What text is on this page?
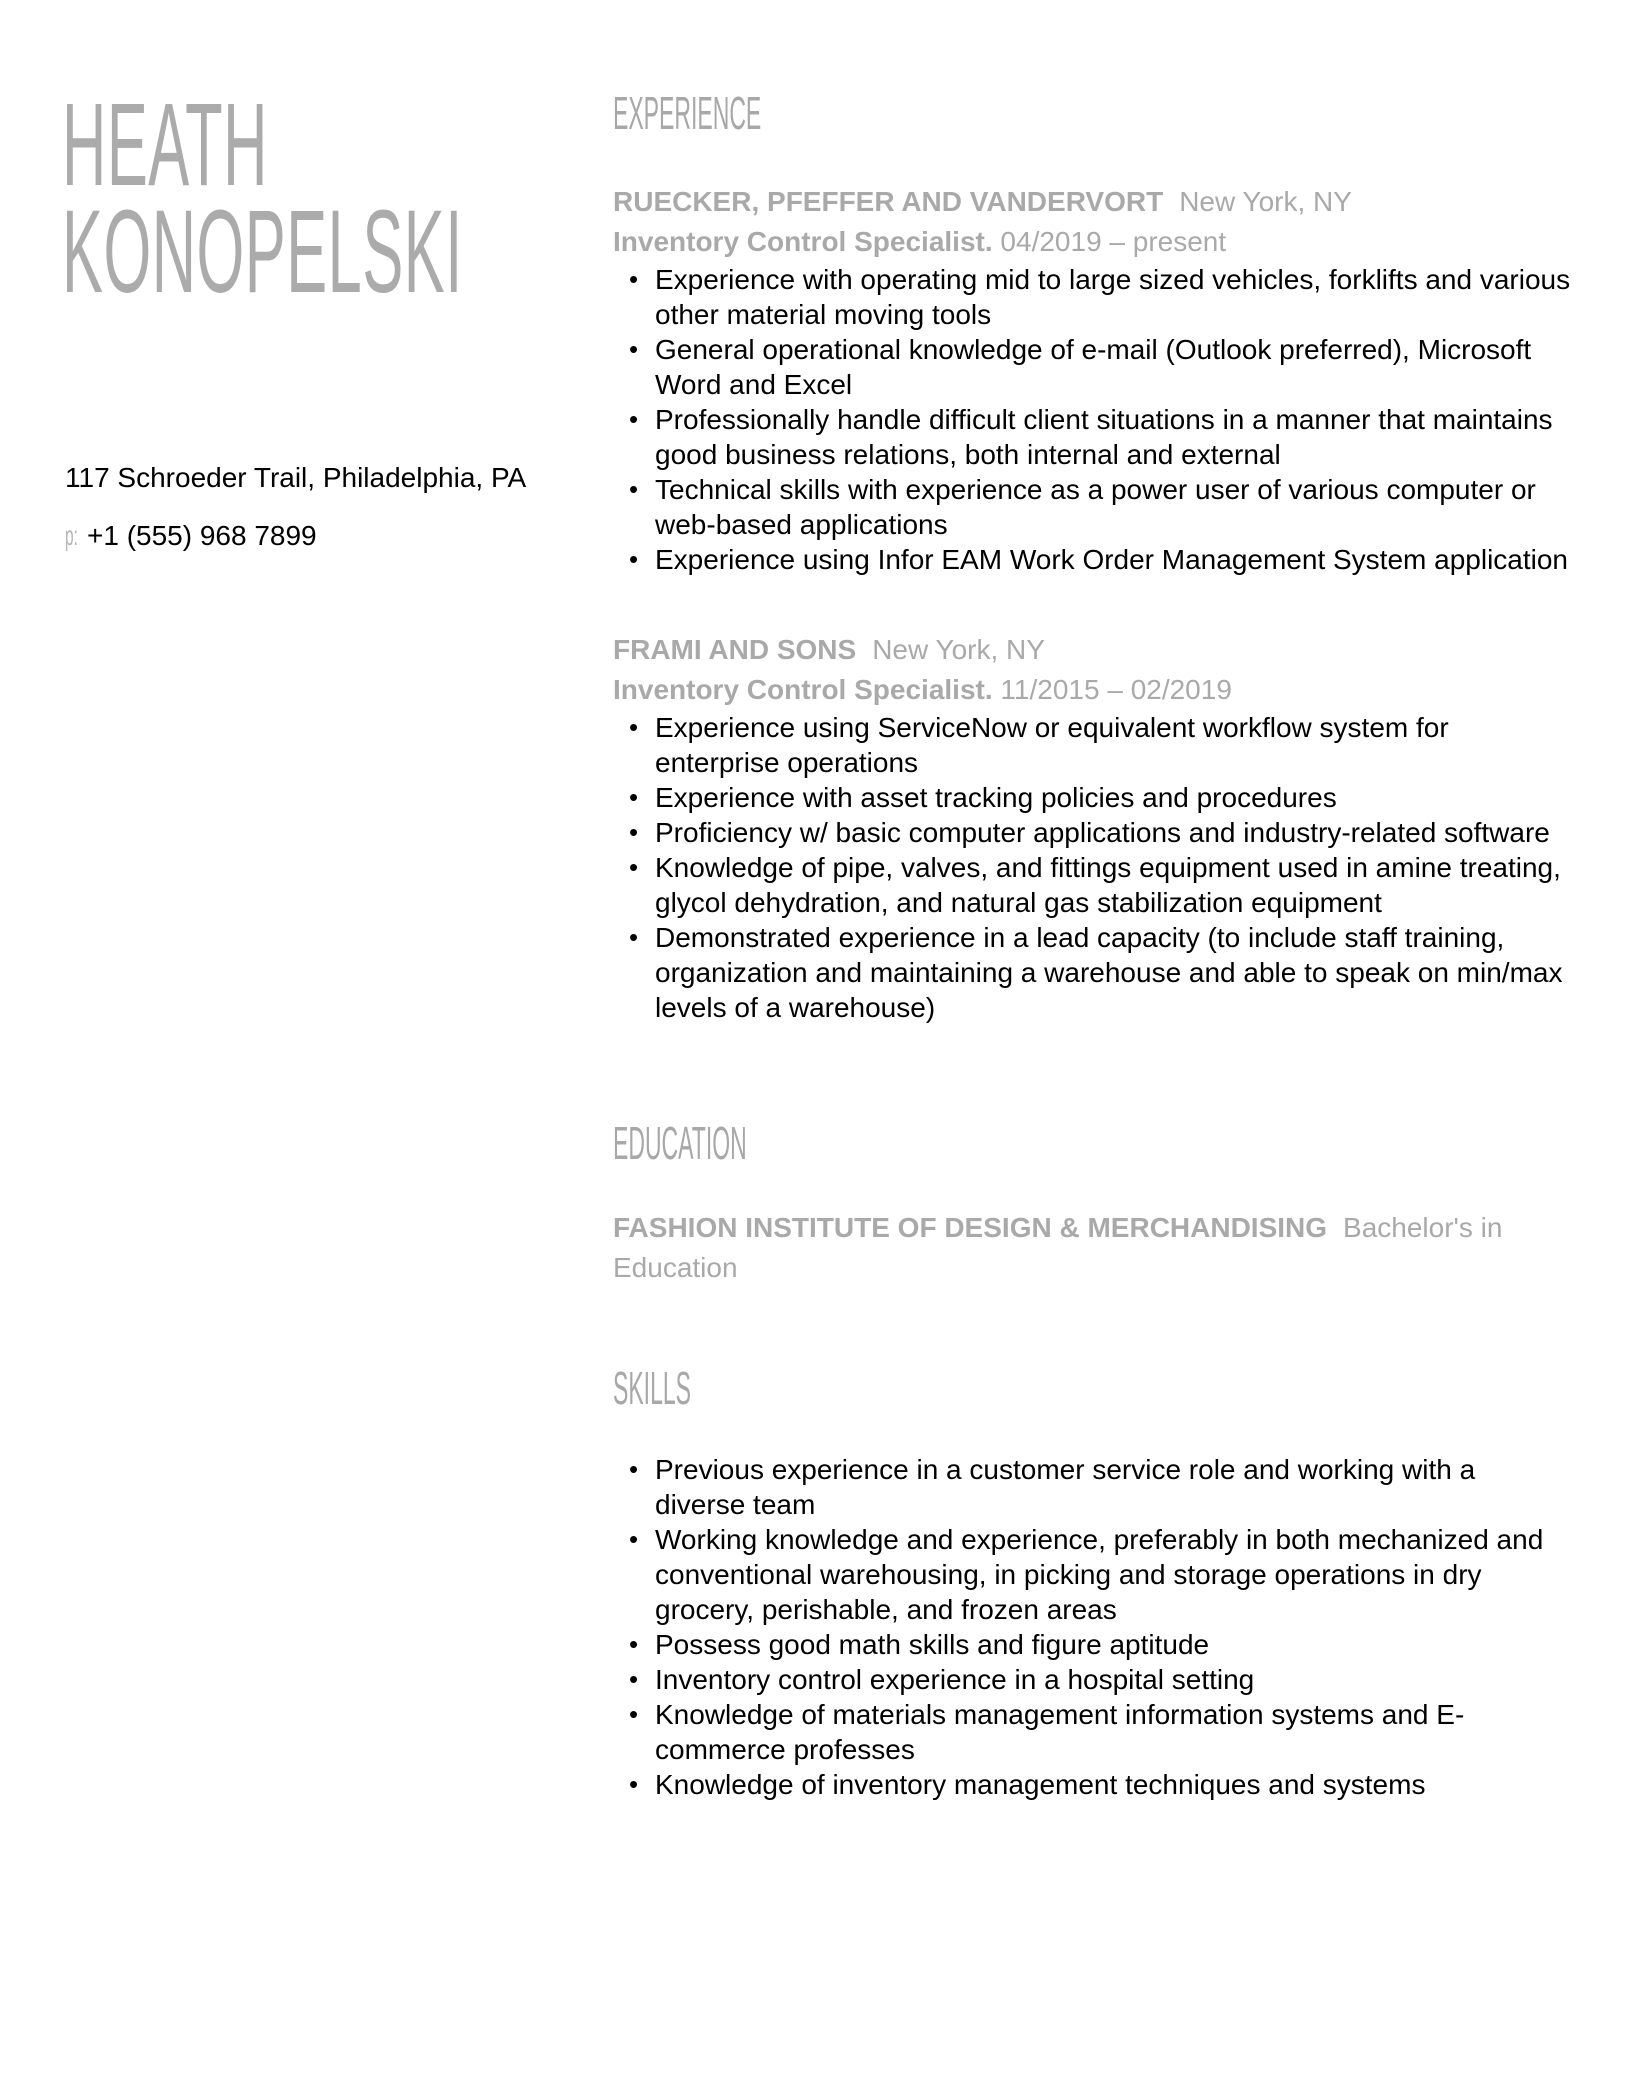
HEATH
KONOPELSKI
117 Schroeder Trail, Philadelphia, PA
p: +1 (555) 968 7899
EXPERIENCE
RUECKER, PFEFFER AND VANDERVORT New York, NY
Inventory Control Specialist. 04/2019 – present
• Experience with operating mid to large sized vehicles, forklifts and various other material moving tools
• General operational knowledge of e-mail (Outlook preferred), Microsoft Word and Excel
• Professionally handle difficult client situations in a manner that maintains good business relations, both internal and external
• Technical skills with experience as a power user of various computer or web-based applications
• Experience using Infor EAM Work Order Management System application
FRAMI AND SONS New York, NY
Inventory Control Specialist. 11/2015 – 02/2019
• Experience using ServiceNow or equivalent workflow system for enterprise operations
• Experience with asset tracking policies and procedures
• Proficiency w/ basic computer applications and industry-related software
• Knowledge of pipe, valves, and fittings equipment used in amine treating, glycol dehydration, and natural gas stabilization equipment
• Demonstrated experience in a lead capacity (to include staff training, organization and maintaining a warehouse and able to speak on min/max levels of a warehouse)
EDUCATION
FASHION INSTITUTE OF DESIGN & MERCHANDISING Bachelor's in Education
SKILLS
• Previous experience in a customer service role and working with a diverse team
• Working knowledge and experience, preferably in both mechanized and conventional warehousing, in picking and storage operations in dry grocery, perishable, and frozen areas
• Possess good math skills and figure aptitude
• Inventory control experience in a hospital setting
• Knowledge of materials management information systems and E-commerce professes
• Knowledge of inventory management techniques and systems
